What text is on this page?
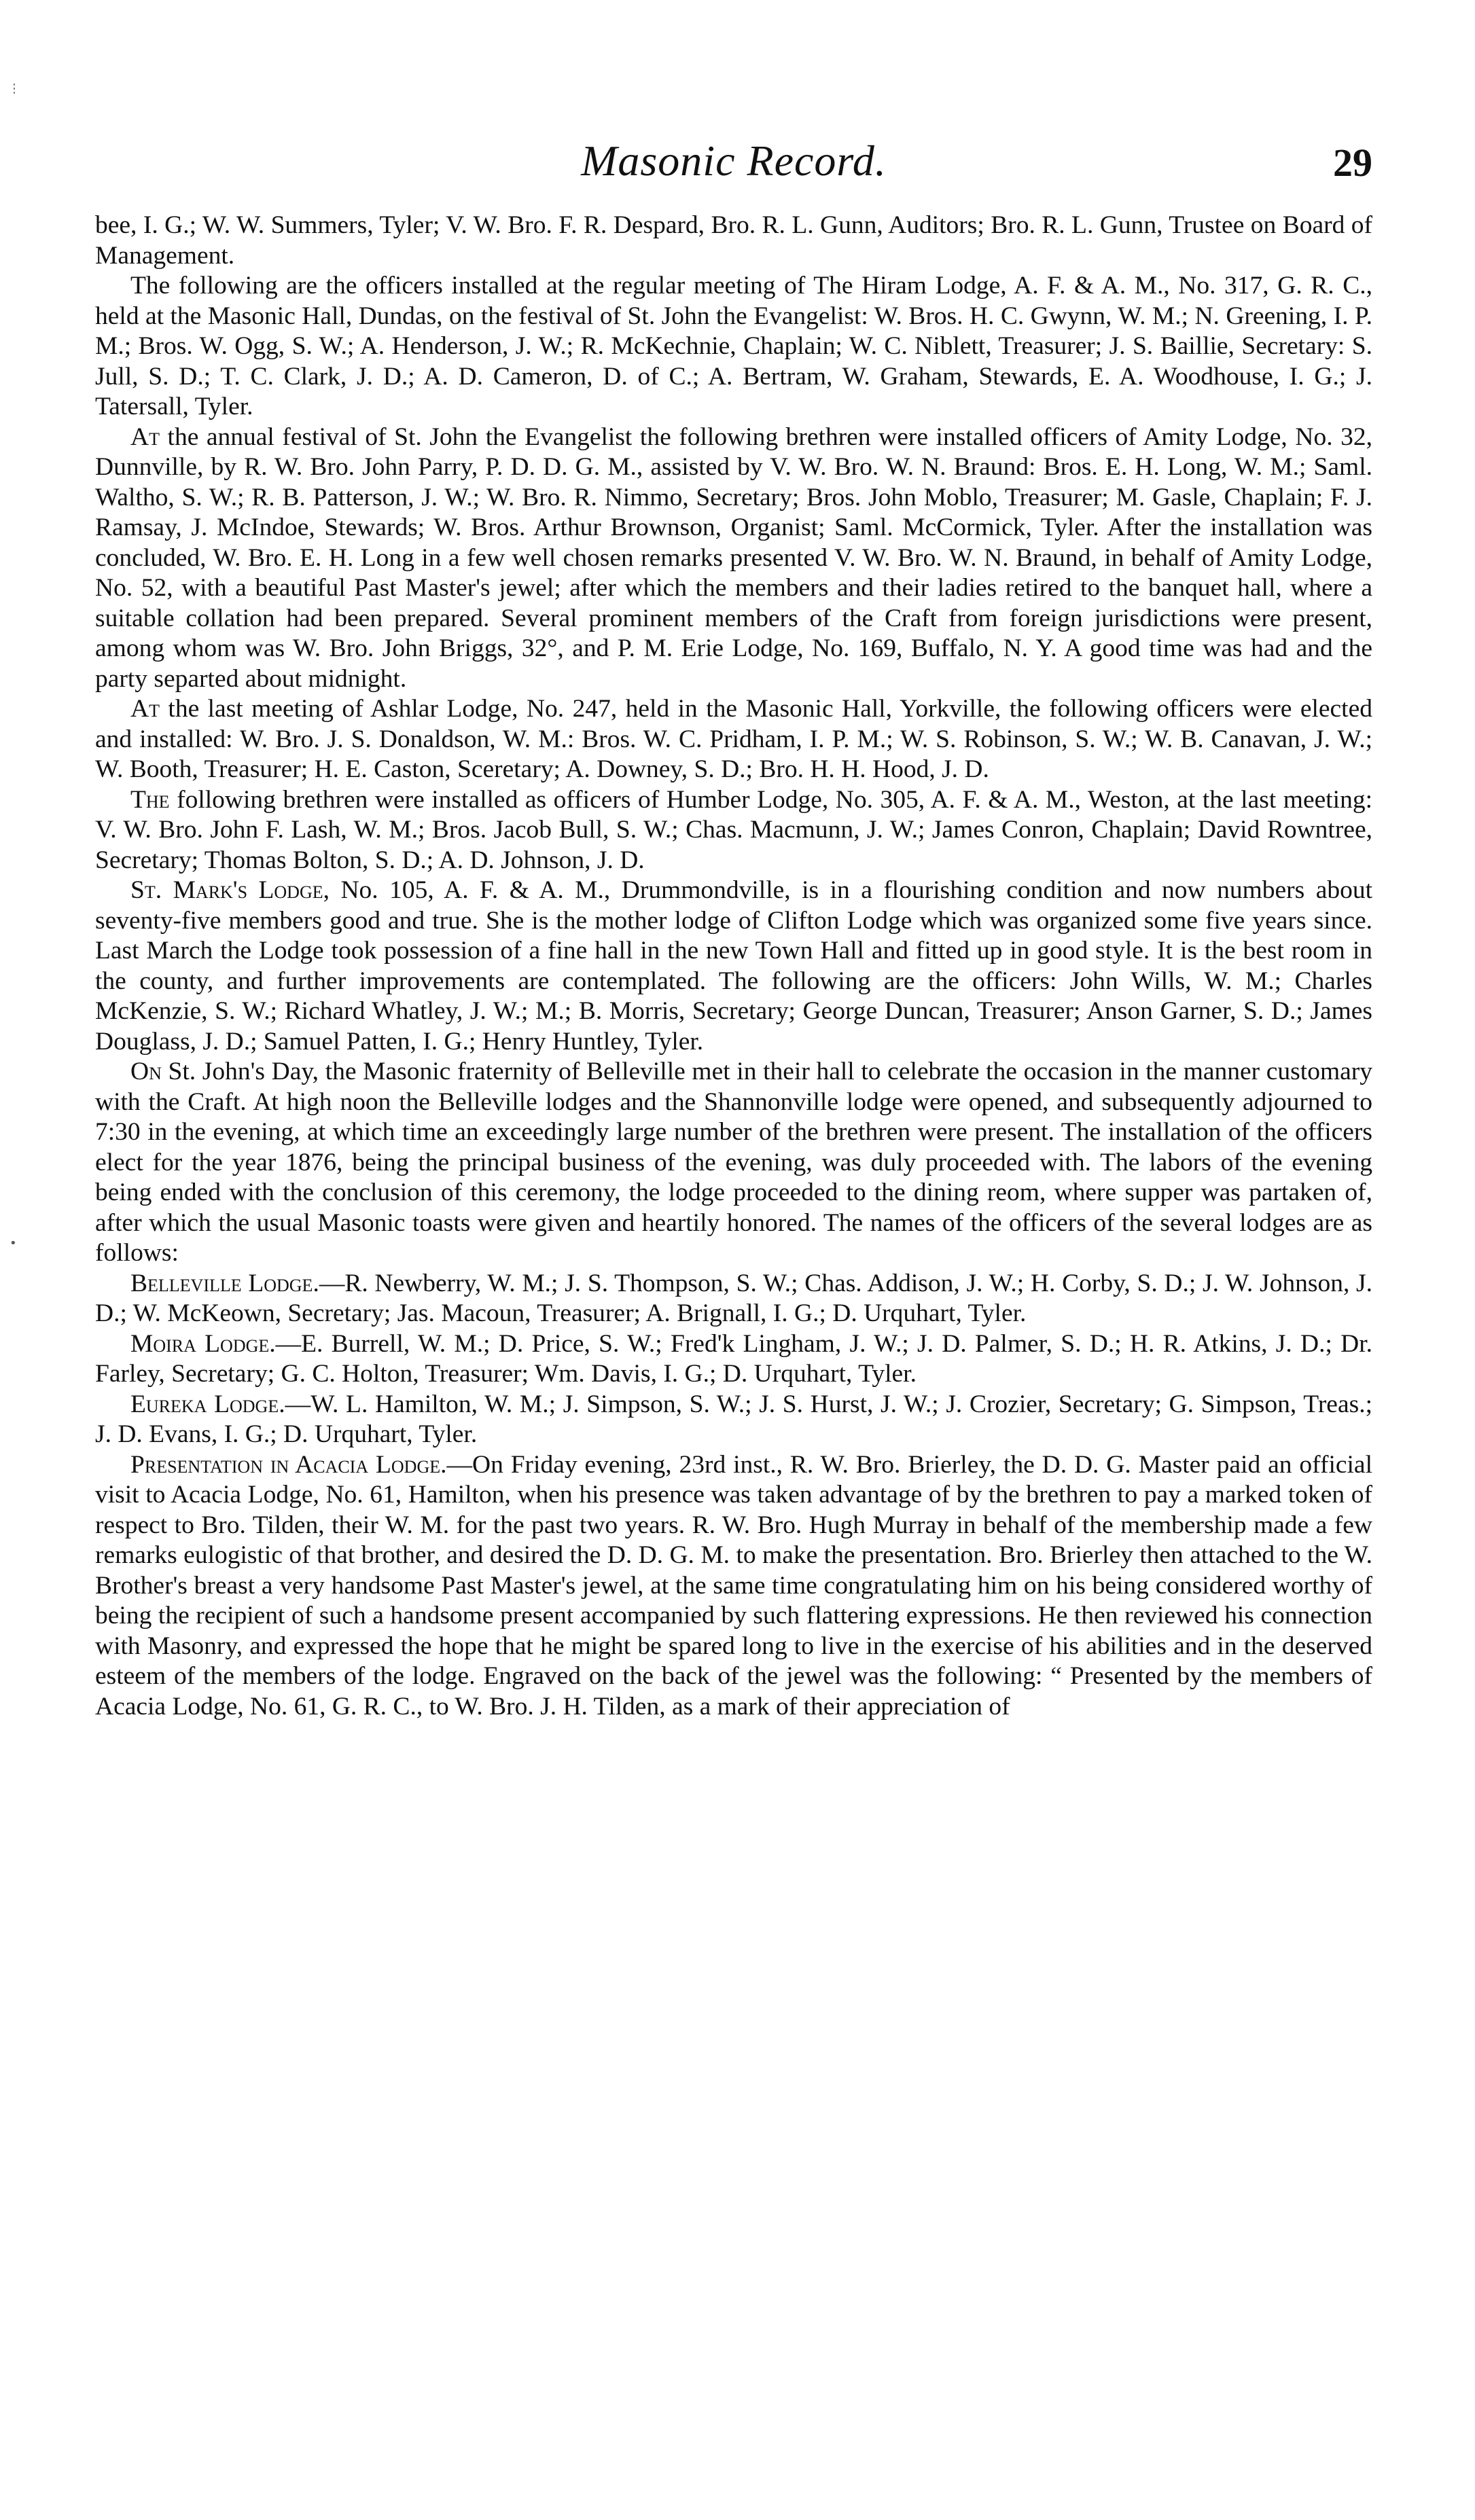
⋮
•
Masonic Record.	29

bee, I. G.; W. W. Summers, Tyler; V. W. Bro. F. R. Despard, Bro. R. L. Gunn, Auditors; Bro. R. L. Gunn, Trustee on Board of Management.

The following are the officers installed at the regular meeting of The Hiram Lodge, A. F. & A. M., No. 317, G. R. C., held at the Masonic Hall, Dundas, on the festival of St. John the Evangelist: W. Bros. H. C. Gwynn, W. M.; N. Greening, I. P. M.; Bros. W. Ogg, S. W.; A. Henderson, J. W.; R. McKechnie, Chaplain; W. C. Niblett, Treasurer; J. S. Baillie, Secretary: S. Jull, S. D.; T. C. Clark, J. D.; A. D. Cameron, D. of C.; A. Bertram, W. Graham, Stewards, E. A. Woodhouse, I. G.; J. Tatersall, Tyler.

At the annual festival of St. John the Evangelist the following brethren were installed officers of Amity Lodge, No. 32, Dunnville, by R. W. Bro. John Parry, P. D. D. G. M., assisted by V. W. Bro. W. N. Braund: Bros. E. H. Long, W. M.; Saml. Waltho, S. W.; R. B. Patterson, J. W.; W. Bro. R. Nimmo, Secretary; Bros. John Moblo, Treasurer; M. Gasle, Chaplain; F. J. Ramsay, J. McIndoe, Stewards; W. Bros. Arthur Brownson, Organist; Saml. McCormick, Tyler. After the installation was concluded, W. Bro. E. H. Long in a few well chosen remarks presented V. W. Bro. W. N. Braund, in behalf of Amity Lodge, No. 52, with a beautiful Past Master's jewel; after which the members and their ladies retired to the banquet hall, where a suitable collation had been prepared. Several prominent members of the Craft from foreign jurisdictions were present, among whom was W. Bro. John Briggs, 32°, and P. M. Erie Lodge, No. 169, Buffalo, N. Y. A good time was had and the party separted about midnight.

At the last meeting of Ashlar Lodge, No. 247, held in the Masonic Hall, Yorkville, the following officers were elected and installed: W. Bro. J. S. Donaldson, W. M.: Bros. W. C. Pridham, I. P. M.; W. S. Robinson, S. W.; W. B. Canavan, J. W.; W. Booth, Treasurer; H. E. Caston, Sceretary; A. Downey, S. D.; Bro. H. H. Hood, J. D.

The following brethren were installed as officers of Humber Lodge, No. 305, A. F. & A. M., Weston, at the last meeting: V. W. Bro. John F. Lash, W. M.; Bros. Jacob Bull, S. W.; Chas. Macmunn, J. W.; James Conron, Chaplain; David Rowntree, Secretary; Thomas Bolton, S. D.; A. D. Johnson, J. D.

St. Mark's Lodge, No. 105, A. F. & A. M., Drummondville, is in a flourishing condition and now numbers about seventy-five members good and true. She is the mother lodge of Clifton Lodge which was organized some five years since. Last March the Lodge took possession of a fine hall in the new Town Hall and fitted up in good style. It is the best room in the county, and further improvements are contemplated. The following are the officers: John Wills, W. M.; Charles McKenzie, S. W.; Richard Whatley, J. W.; M.; B. Morris, Secretary; George Duncan, Treasurer; Anson Garner, S. D.; James Douglass, J. D.; Samuel Patten, I. G.; Henry Huntley, Tyler.

On St. John's Day, the Masonic fraternity of Belleville met in their hall to celebrate the occasion in the manner customary with the Craft. At high noon the Belleville lodges and the Shannonville lodge were opened, and subsequently adjourned to 7:30 in the evening, at which time an exceedingly large number of the brethren were present. The installation of the officers elect for the year 1876, being the principal business of the evening, was duly proceeded with. The labors of the evening being ended with the conclusion of this ceremony, the lodge proceeded to the dining reom, where supper was partaken of, after which the usual Masonic toasts were given and heartily honored. The names of the officers of the several lodges are as follows:

Belleville Lodge.—R. Newberry, W. M.; J. S. Thompson, S. W.; Chas. Addison, J. W.; H. Corby, S. D.; J. W. Johnson, J. D.; W. McKeown, Secretary; Jas. Macoun, Treasurer; A. Brignall, I. G.; D. Urquhart, Tyler.

Moira Lodge.—E. Burrell, W. M.; D. Price, S. W.; Fred'k Lingham, J. W.; J. D. Palmer, S. D.; H. R. Atkins, J. D.; Dr. Farley, Secretary; G. C. Holton, Treasurer; Wm. Davis, I. G.; D. Urquhart, Tyler.

Eureka Lodge.—W. L. Hamilton, W. M.; J. Simpson, S. W.; J. S. Hurst, J. W.; J. Crozier, Secretary; G. Simpson, Treas.; J. D. Evans, I. G.; D. Urquhart, Tyler.

Presentation in Acacia Lodge.—On Friday evening, 23rd inst., R. W. Bro. Brierley, the D. D. G. Master paid an official visit to Acacia Lodge, No. 61, Hamilton, when his presence was taken advantage of by the brethren to pay a marked token of respect to Bro. Tilden, their W. M. for the past two years. R. W. Bro. Hugh Murray in behalf of the membership made a few remarks eulogistic of that brother, and desired the D. D. G. M. to make the presentation. Bro. Brierley then attached to the W. Brother's breast a very handsome Past Master's jewel, at the same time congratulating him on his being considered worthy of being the recipient of such a handsome present accompanied by such flattering expressions. He then reviewed his connection with Masonry, and expressed the hope that he might be spared long to live in the exercise of his abilities and in the deserved esteem of the members of the lodge. Engraved on the back of the jewel was the following: “ Presented by the members of Acacia Lodge, No. 61, G. R. C., to W. Bro. J. H. Tilden, as a mark of their appreciation of
